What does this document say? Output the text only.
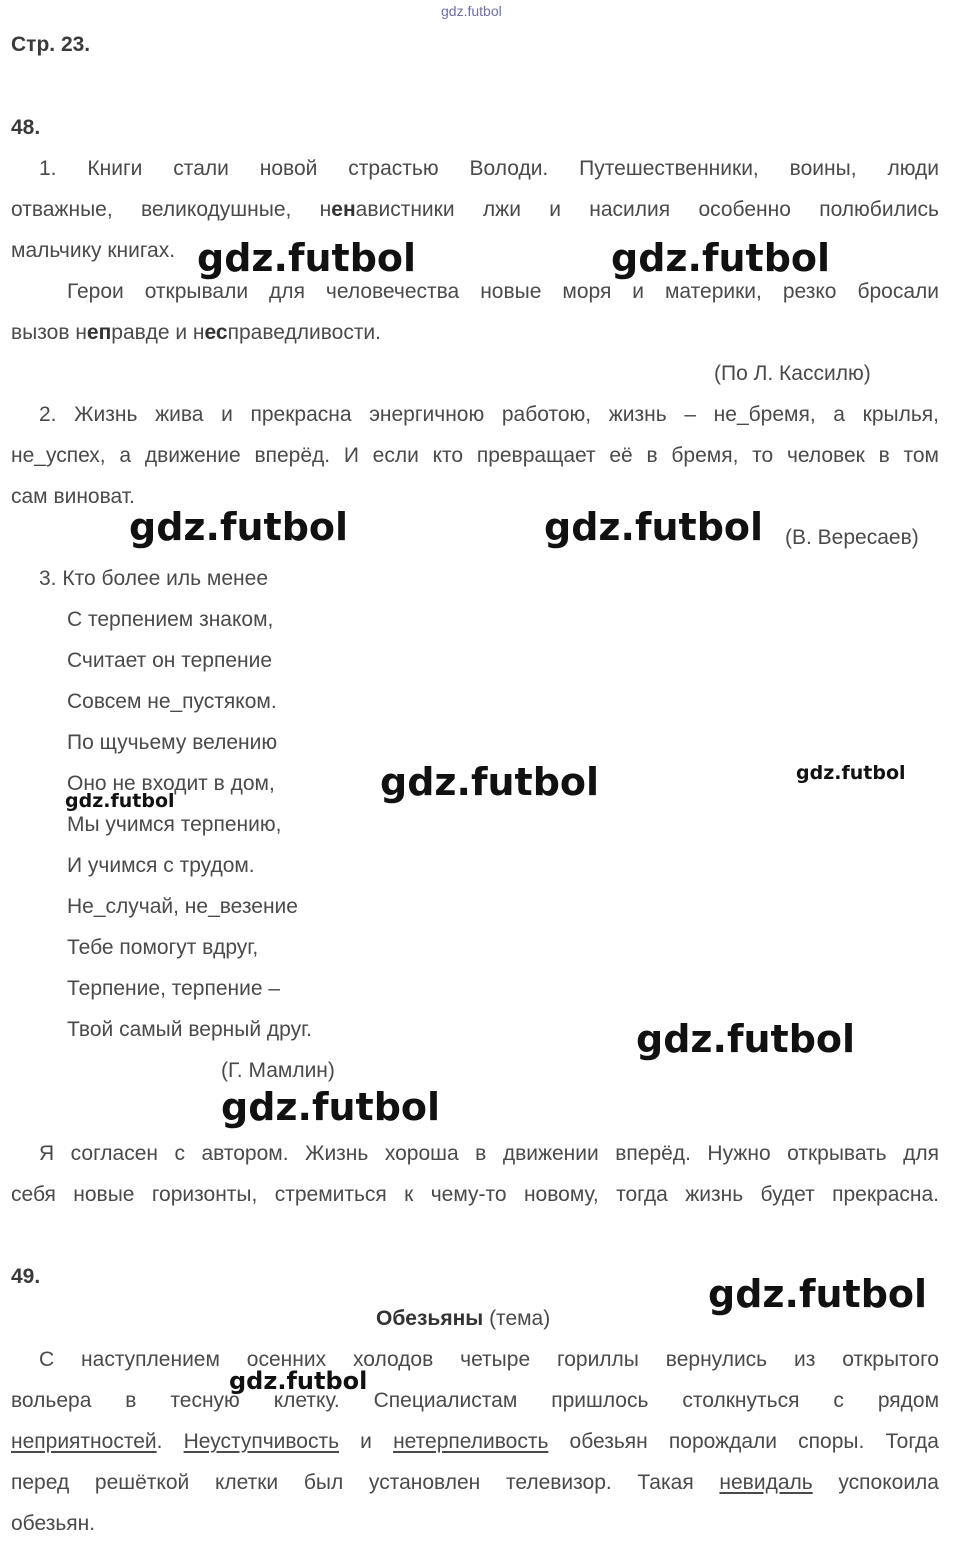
gdz.futbol
Стр. 23.
48.
1. Книги стали новой страстью Володи. Путешественники, воины, люди
отважные, великодушные, ненавистники лжи и насилия особенно полюбились
мальчику книгах.
Герои открывали для человечества новые моря и материки, резко бросали
вызов неправде и несправедливости.
(По Л. Кассилю)
2. Жизнь жива и прекрасна энергичною работою, жизнь – не_бремя, а крылья,
не_успех, а движение вперёд. И если кто превращает её в бремя, то человек в том
сам виноват.
(В. Вересаев)
3. Кто более иль менее
С терпением знаком,
Считает он терпение
Совсем не_пустяком.
По щучьему велению
Оно не входит в дом,
Мы учимся терпению,
И учимся с трудом.
Не_случай, не_везение
Тебе помогут вдруг,
Терпение, терпение –
Твой самый верный друг.
(Г. Мамлин)
Я согласен с автором. Жизнь хороша в движении вперёд. Нужно открывать для
себя новые горизонты, стремиться к чему-то новому, тогда жизнь будет прекрасна.
49.
Обезьяны (тема)
С наступлением осенних холодов четыре гориллы вернулись из открытого
вольера в тесную клетку. Специалистам пришлось столкнуться с рядом
неприятностей. Неуступчивость и нетерпеливость обезьян порождали споры. Тогда
перед решёткой клетки был установлен телевизор. Такая невидаль успокоила
обезьян.
gdz.futbol	gdz.futbol
gdz.futbol	gdz.futbol
gdz.futbol	gdz.futbol
gdz.futbol
gdz.futbol
gdz.futbol
gdz.futbol
gdz.futbol
